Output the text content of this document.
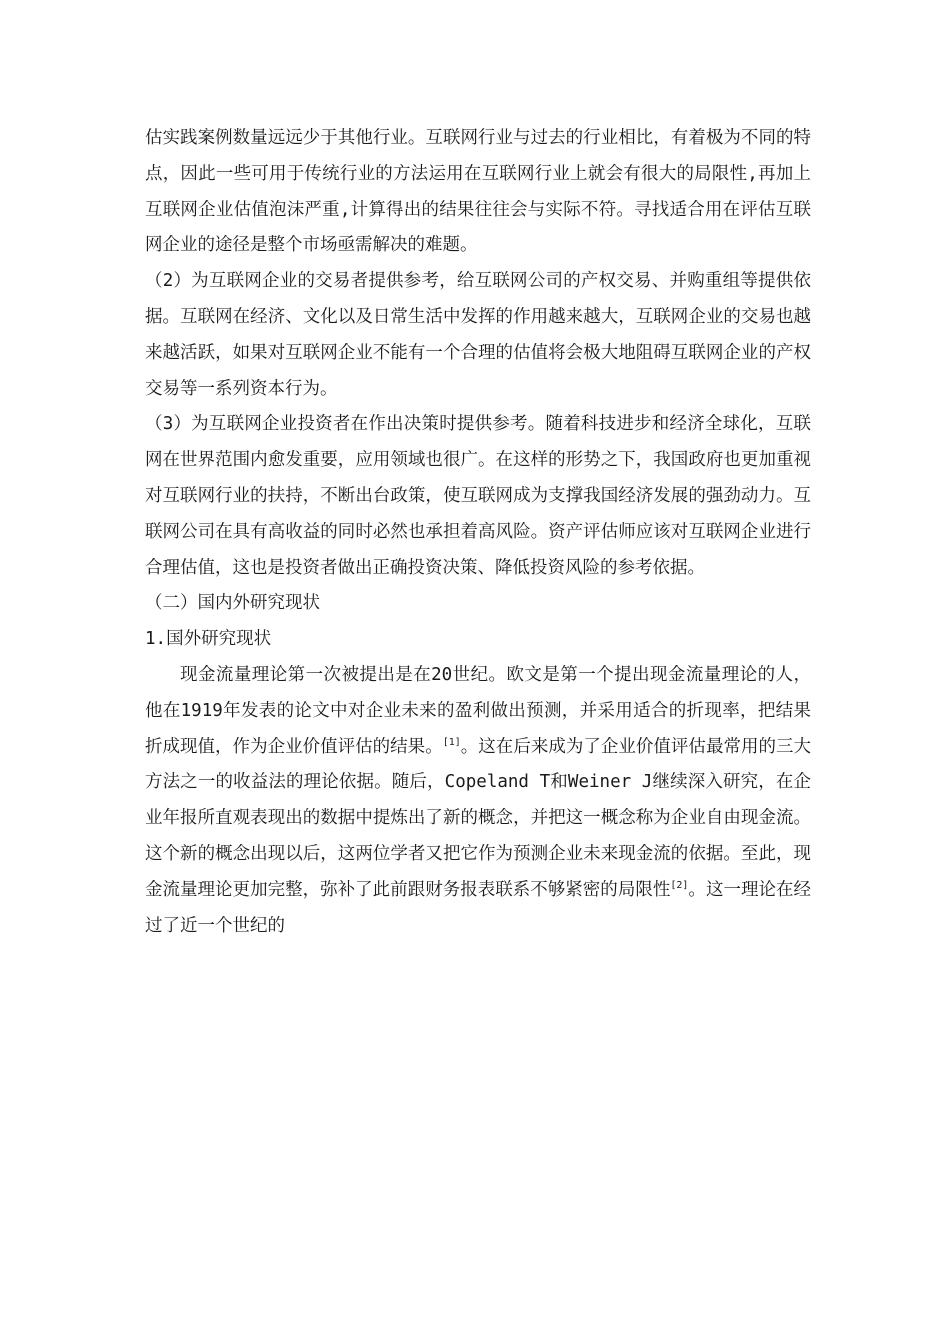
估实践案例数量远远少于其他行业。互联网行业与过去的行业相比，有着极为不同的特点，因此一些可用于传统行业的方法运用在互联网行业上就会有很大的局限性,再加上互联网企业估值泡沫严重,计算得出的结果往往会与实际不符。寻找适合用在评估互联网企业的途径是整个市场亟需解决的难题。

（2）为互联网企业的交易者提供参考，给互联网公司的产权交易、并购重组等提供依据。互联网在经济、文化以及日常生活中发挥的作用越来越大，互联网企业的交易也越来越活跃，如果对互联网企业不能有一个合理的估值将会极大地阻碍互联网企业的产权交易等一系列资本行为。

（3）为互联网企业投资者在作出决策时提供参考。随着科技进步和经济全球化，互联网在世界范围内愈发重要，应用领域也很广。在这样的形势之下，我国政府也更加重视对互联网行业的扶持，不断出台政策，使互联网成为支撑我国经济发展的强劲动力。互联网公司在具有高收益的同时必然也承担着高风险。资产评估师应该对互联网企业进行合理估值，这也是投资者做出正确投资决策、降低投资风险的参考依据。

（二）国内外研究现状

1.国外研究现状

现金流量理论第一次被提出是在20世纪。欧文是第一个提出现金流量理论的人，他在1919年发表的论文中对企业未来的盈利做出预测，并采用适合的折现率，把结果折成现值，作为企业价值评估的结果。[1]。这在后来成为了企业价值评估最常用的三大方法之一的收益法的理论依据。随后，Copeland T和Weiner J继续深入研究，在企业年报所直观表现出的数据中提炼出了新的概念，并把这一概念称为企业自由现金流。这个新的概念出现以后，这两位学者又把它作为预测企业未来现金流的依据。至此，现金流量理论更加完整，弥补了此前跟财务报表联系不够紧密的局限性[2]。这一理论在经过了近一个世纪的
